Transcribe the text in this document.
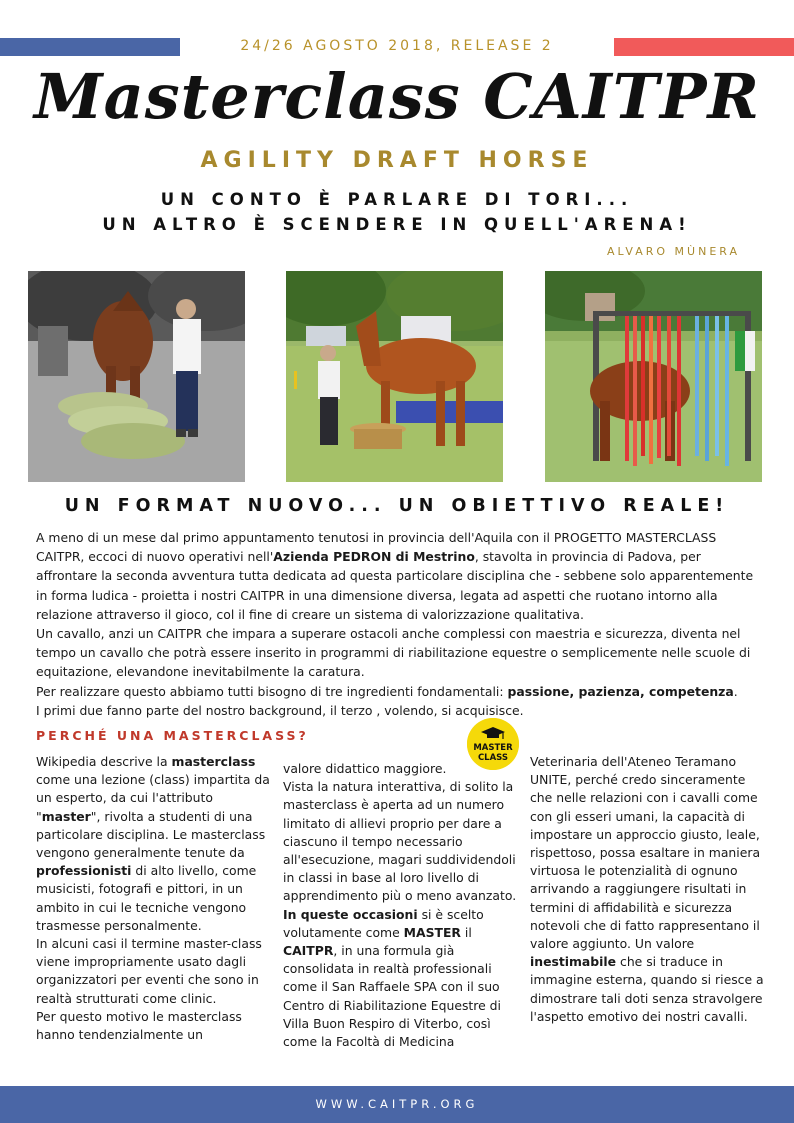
24/26 AGOSTO 2018, RELEASE 2
Masterclass CAITPR
AGILITY DRAFT HORSE
UN CONTO È PARLARE DI TORI...
UN ALTRO È SCENDERE IN QUELL'ARENA!
ALVARO MÙNERA
UN FORMAT NUOVO... UN OBIETTIVO REALE!

A meno di un mese dal primo appuntamento tenutosi in provincia dell'Aquila con il PROGETTO MASTERCLASS CAITPR, eccoci di nuovo operativi nell'Azienda PEDRON di Mestrino, stavolta in provincia di Padova, per affrontare la seconda avventura tutta dedicata ad questa particolare disciplina che - sebbene solo apparentemente in forma ludica - proietta i nostri CAITPR in una dimensione diversa, legata ad aspetti che ruotano intorno alla relazione attraverso il gioco, col il fine di creare un sistema di valorizzazione qualitativa.

Un cavallo, anzi un CAITPR che impara a superare ostacoli anche complessi con maestria e sicurezza, diventa nel tempo un cavallo che potrà essere inserito in programmi di riabilitazione equestre o semplicemente nelle scuole di equitazione, elevandone inevitabilmente la caratura.

Per realizzare questo abbiamo tutti bisogno di tre ingredienti fondamentali: passione, pazienza, competenza.

I primi due fanno parte del nostro background, il terzo , volendo, si acquisisce.

PERCHÉ UNA MASTERCLASS?
MASTER
CLASS

Wikipedia descrive la masterclass come una lezione (class) impartita da un esperto, da cui l'attributo "master", rivolta a studenti di una particolare disciplina. Le masterclass vengono generalmente tenute da professionisti di alto livello, come musicisti, fotografi e pittori, in un ambito in cui le tecniche vengono trasmesse personalmente.

In alcuni casi il termine master-class viene impropriamente usato dagli organizzatori per eventi che sono in realtà strutturati come clinic.

Per questo motivo le masterclass hanno tendenzialmente un

valore didattico maggiore.

Vista la natura interattiva, di solito la masterclass è aperta ad un numero limitato di allievi proprio per dare a ciascuno il tempo necessario all'esecuzione, magari suddividendoli in classi in base al loro livello di apprendimento più o meno avanzato.

In queste occasioni si è scelto volutamente come MASTER il CAITPR, in una formula già consolidata in realtà professionali come il San Raffaele SPA con il suo Centro di Riabilitazione Equestre di Villa Buon Respiro di Viterbo, così come la Facoltà di Medicina

Veterinaria dell'Ateneo Teramano UNITE, perché credo sinceramente che nelle relazioni con i cavalli come con gli esseri umani, la capacità di impostare un approccio giusto, leale, rispettoso, possa esaltare in maniera virtuosa le potenzialità di ognuno arrivando a raggiungere risultati in termini di affidabilità e sicurezza notevoli che di fatto rappresentano il valore aggiunto. Un valore inestimabile che si traduce in immagine esterna, quando si riesce a dimostrare tali doti senza stravolgere l'aspetto emotivo dei nostri cavalli.

WWW.CAITPR.ORG
